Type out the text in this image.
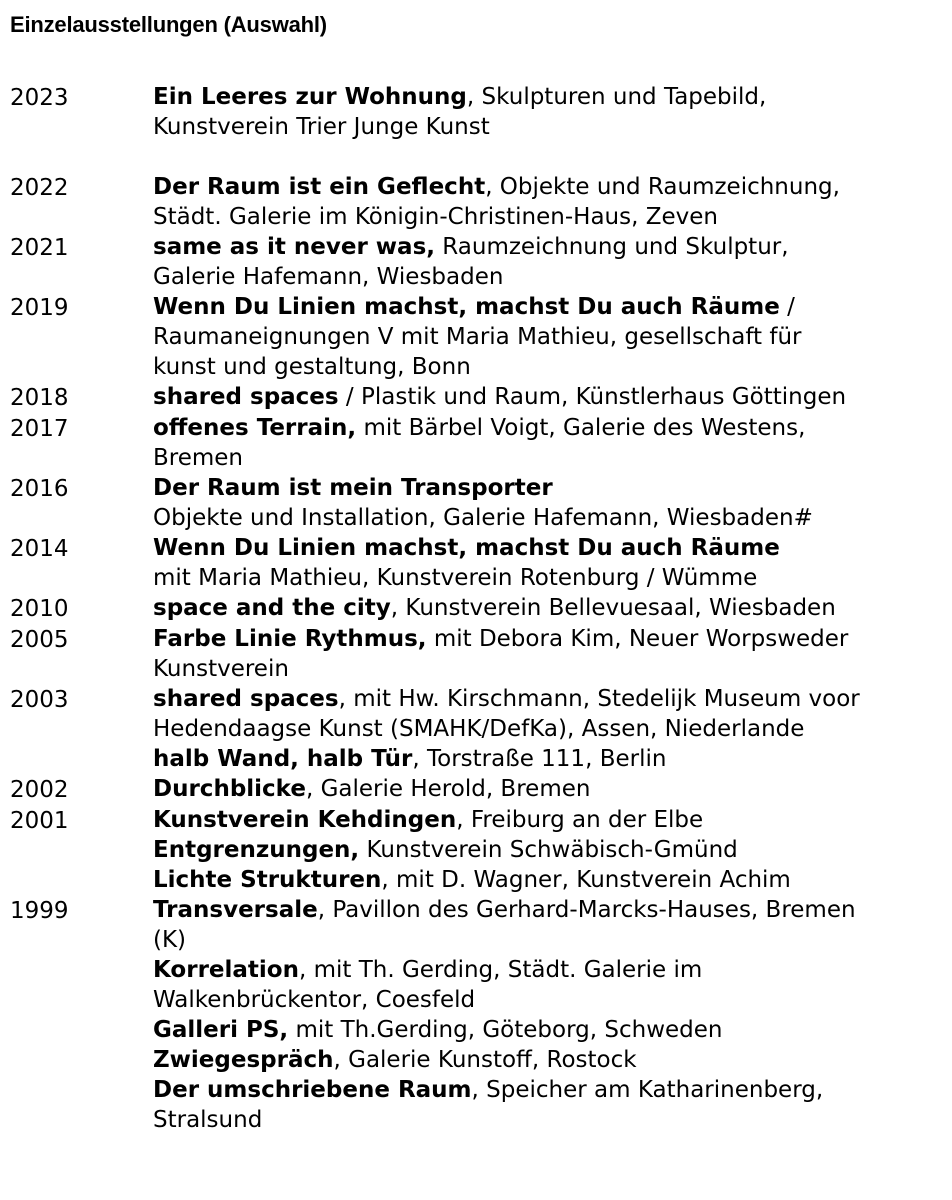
Einzelausstellungen (Auswahl)
2023	Ein Leeres zur Wohnung, Skulpturen und Tapebild,
Kunstverein Trier Junge Kunst
2022	Der Raum ist ein Geflecht, Objekte und Raumzeichnung,
Städt. Galerie im Königin-Christinen-Haus, Zeven
2021	same as it never was, Raumzeichnung und Skulptur,
Galerie Hafemann, Wiesbaden
2019	Wenn Du Linien machst, machst Du auch Räume /
Raumaneignungen V mit Maria Mathieu, gesellschaft für
kunst und gestaltung, Bonn
2018	shared spaces / Plastik und Raum, Künstlerhaus Göttingen
2017	offenes Terrain, mit Bärbel Voigt, Galerie des Westens,
Bremen
2016	Der Raum ist mein Transporter
Objekte und Installation, Galerie Hafemann, Wiesbaden#
2014	Wenn Du Linien machst, machst Du auch Räume
mit Maria Mathieu, Kunstverein Rotenburg / Wümme
2010	space and the city, Kunstverein Bellevuesaal, Wiesbaden
2005	Farbe Linie Rythmus, mit Debora Kim, Neuer Worpsweder
Kunstverein
2003	shared spaces, mit Hw. Kirschmann, Stedelijk Museum voor
Hedendaagse Kunst (SMAHK/DefKa), Assen, Niederlande
halb Wand, halb Tür, Torstraße 111, Berlin
2002	Durchblicke, Galerie Herold, Bremen
2001	Kunstverein Kehdingen, Freiburg an der Elbe
Entgrenzungen, Kunstverein Schwäbisch-Gmünd
Lichte Strukturen, mit D. Wagner, Kunstverein Achim
1999	Transversale, Pavillon des Gerhard-Marcks-Hauses, Bremen
(K)
Korrelation, mit Th. Gerding, Städt. Galerie im
Walkenbrückentor, Coesfeld
Galleri PS, mit Th.Gerding, Göteborg, Schweden
Zwiegespräch, Galerie Kunstoff, Rostock
Der umschriebene Raum, Speicher am Katharinenberg,
Stralsund
